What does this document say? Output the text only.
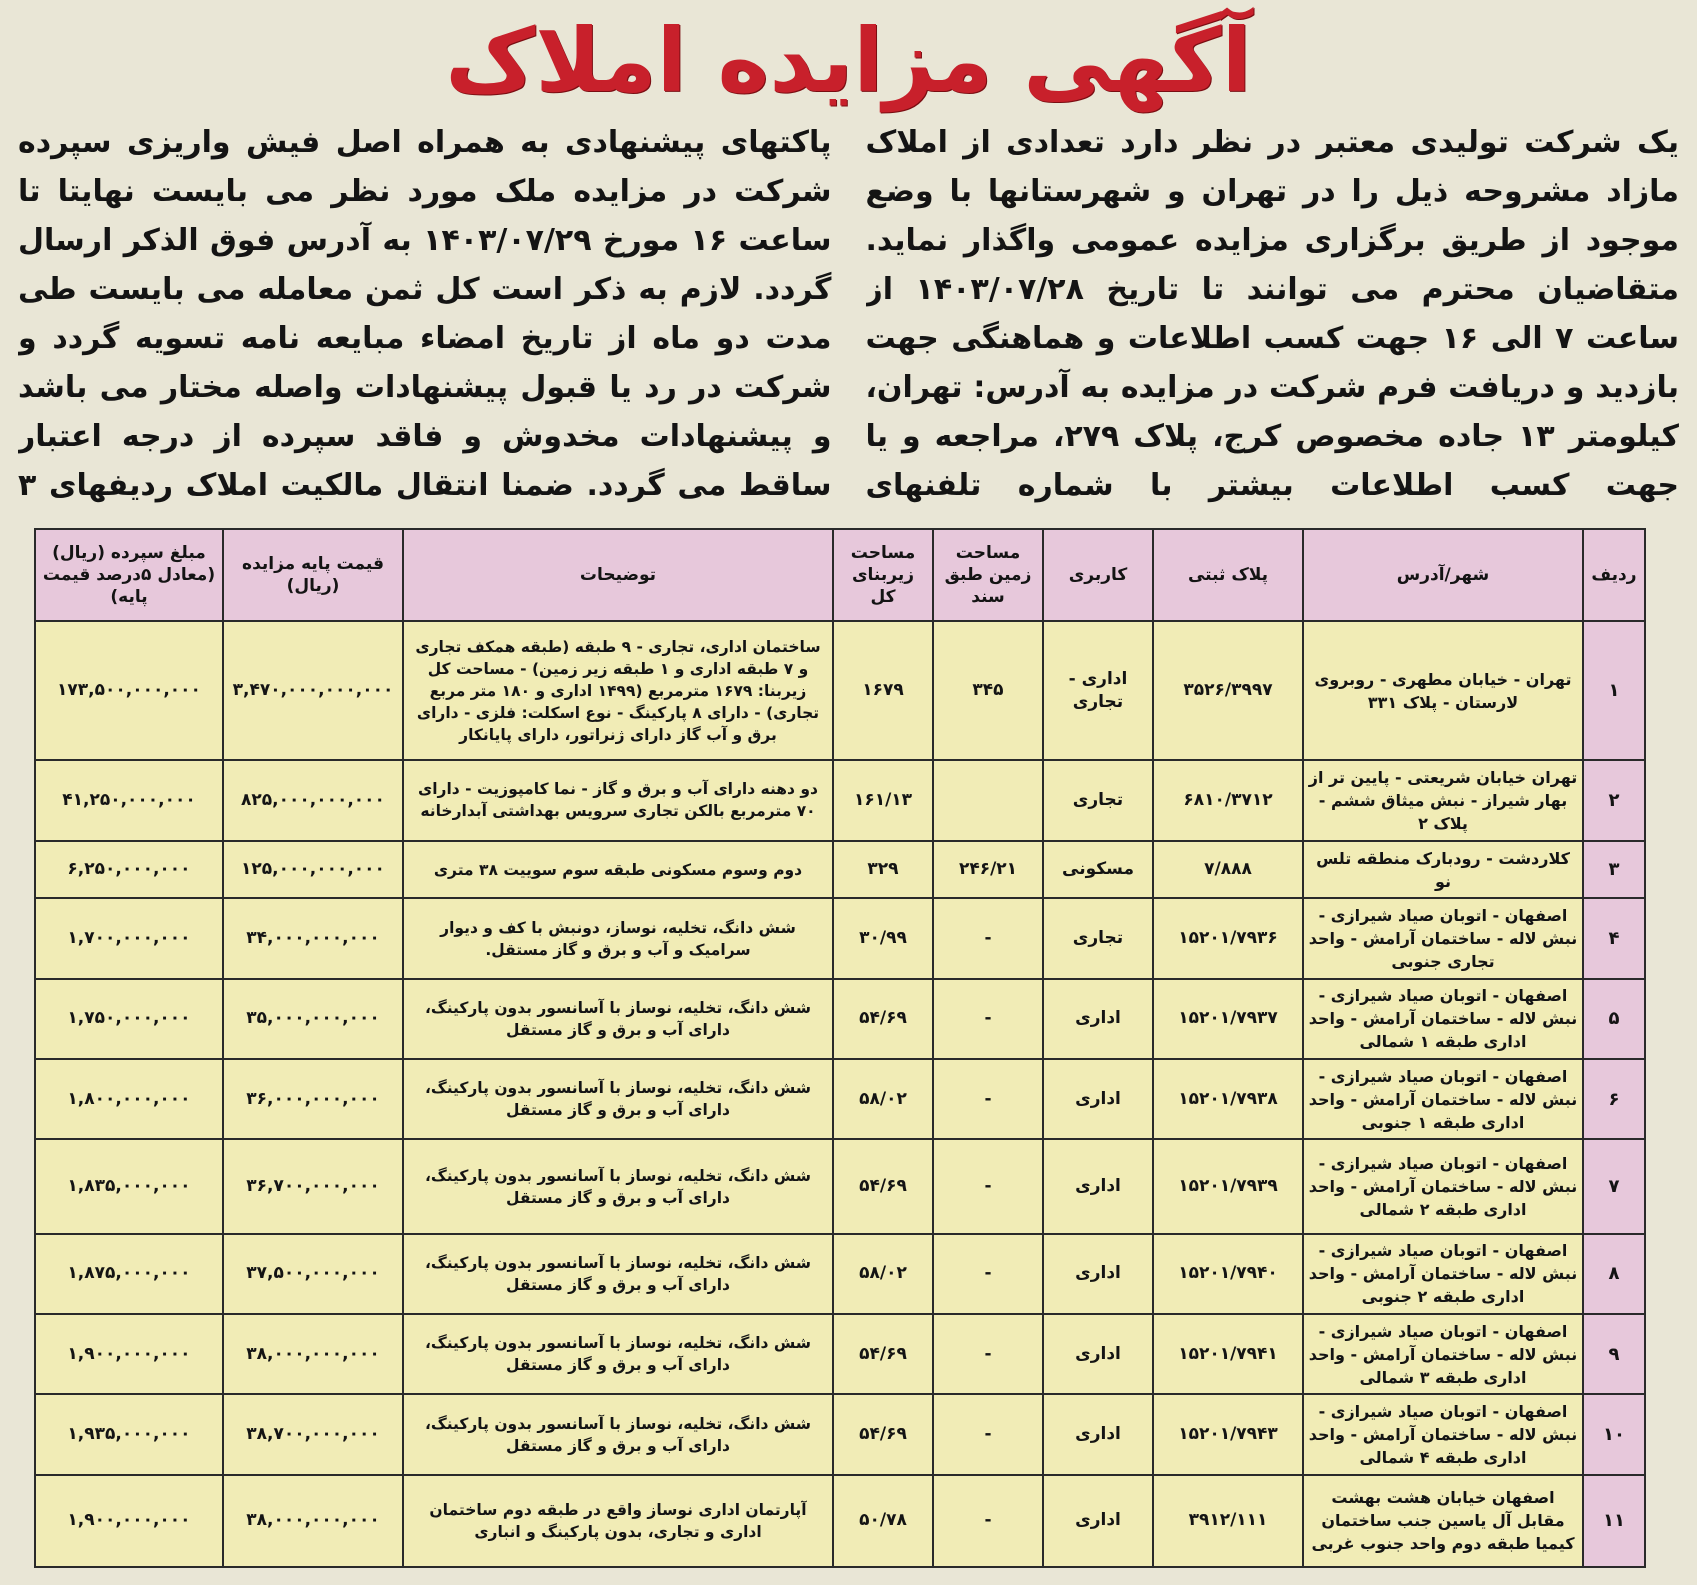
آگهی مزایده املاک
یک شرکت تولیدی معتبر در نظر دارد تعدادی از املاک مازاد مشروحه ذیل را در تهران و شهرستانها با وضع موجود از طریق برگزاری مزایده عمومی واگذار نماید. متقاضیان محترم می توانند تا تاریخ ۱۴۰۳/۰۷/۲۸ از ساعت ۷ الی ۱۶ جهت کسب اطلاعات و هماهنگی جهت بازدید و دریافت فرم شرکت در مزایده به آدرس: تهران، کیلومتر ۱۳ جاده مخصوص کرج، پلاک ۲۷۹، مراجعه و یا جهت کسب اطلاعات بیشتر با شماره تلفنهای
پاکتهای پیشنهادی به همراه اصل فیش واریزی سپرده شرکت در مزایده ملک مورد نظر می بایست نهایتا تا ساعت ۱۶ مورخ ۱۴۰۳/۰۷/۲۹ به آدرس فوق الذکر ارسال گردد. لازم به ذکر است کل ثمن معامله می بایست طی مدت دو ماه از تاریخ امضاء مبایعه نامه تسویه گردد و شرکت در رد یا قبول پیشنهادات واصله مختار می باشد و پیشنهادات مخدوش و فاقد سپرده از درجه اعتبار ساقط می گردد. ضمنا انتقال مالکیت املاک ردیفهای ۳
ردیف	شهر/آدرس	پلاک ثبتی	کاربری	مساحت زمین طبق سند	مساحت زیربنای کل	توضیحات	قیمت پایه مزایده (ریال)	مبلغ سپرده (ریال) (معادل ۵درصد قیمت پایه)
۱	تهران - خیابان مطهری - روبروی لارستان - پلاک ۳۳۱	۳۵۲۶/۳۹۹۷	اداری - تجاری	۳۴۵	۱۶۷۹	ساختمان اداری، تجاری - ۹ طبقه (طبقه همکف تجاری و ۷ طبقه اداری و ۱ طبقه زیر زمین) - مساحت کل زیربنا: ۱۶۷۹ مترمربع (۱۴۹۹ اداری و ۱۸۰ متر مربع تجاری) - دارای ۸ پارکینگ - نوع اسکلت: فلزی - دارای برق و آب گاز دارای ژنراتور، دارای پایانکار	۳,۴۷۰,۰۰۰,۰۰۰,۰۰۰	۱۷۳,۵۰۰,۰۰۰,۰۰۰
۲	تهران خیابان شریعتی - پایین تر از بهار شیراز - نبش میثاق ششم - پلاک ۲	۶۸۱۰/۳۷۱۲	تجاری		۱۶۱/۱۳	دو دهنه دارای آب و برق و گاز - نما کامپوزیت - دارای ۷۰ مترمربع بالکن تجاری سرویس بهداشتی آبدارخانه	۸۲۵,۰۰۰,۰۰۰,۰۰۰	۴۱,۲۵۰,۰۰۰,۰۰۰
۳	کلاردشت - رودبارک منطقه تلس نو	۷/۸۸۸	مسکونی	۲۴۶/۲۱	۳۲۹	دوم وسوم مسکونی طبقه سوم سوییت ۳۸ متری	۱۲۵,۰۰۰,۰۰۰,۰۰۰	۶,۲۵۰,۰۰۰,۰۰۰
۴	اصفهان - اتوبان صیاد شیرازی - نبش لاله - ساختمان آرامش - واحد تجاری جنوبی	۱۵۲۰۱/۷۹۳۶	تجاری	-	۳۰/۹۹	شش دانگ، تخلیه، نوساز، دونبش با کف و دیوار سرامیک و آب و برق و گاز مستقل.	۳۴,۰۰۰,۰۰۰,۰۰۰	۱,۷۰۰,۰۰۰,۰۰۰
۵	اصفهان - اتوبان صیاد شیرازی - نبش لاله - ساختمان آرامش - واحد اداری طبقه ۱ شمالی	۱۵۲۰۱/۷۹۳۷	اداری	-	۵۴/۶۹	شش دانگ، تخلیه، نوساز با آسانسور بدون پارکینگ، دارای آب و برق و گاز مستقل	۳۵,۰۰۰,۰۰۰,۰۰۰	۱,۷۵۰,۰۰۰,۰۰۰
۶	اصفهان - اتوبان صیاد شیرازی - نبش لاله - ساختمان آرامش - واحد اداری طبقه ۱ جنوبی	۱۵۲۰۱/۷۹۳۸	اداری	-	۵۸/۰۲	شش دانگ، تخلیه، نوساز با آسانسور بدون پارکینگ، دارای آب و برق و گاز مستقل	۳۶,۰۰۰,۰۰۰,۰۰۰	۱,۸۰۰,۰۰۰,۰۰۰
۷	اصفهان - اتوبان صیاد شیرازی - نبش لاله - ساختمان آرامش - واحد اداری طبقه ۲ شمالی	۱۵۲۰۱/۷۹۳۹	اداری	-	۵۴/۶۹	شش دانگ، تخلیه، نوساز با آسانسور بدون پارکینگ، دارای آب و برق و گاز مستقل	۳۶,۷۰۰,۰۰۰,۰۰۰	۱,۸۳۵,۰۰۰,۰۰۰
۸	اصفهان - اتوبان صیاد شیرازی - نبش لاله - ساختمان آرامش - واحد اداری طبقه ۲ جنوبی	۱۵۲۰۱/۷۹۴۰	اداری	-	۵۸/۰۲	شش دانگ، تخلیه، نوساز با آسانسور بدون پارکینگ، دارای آب و برق و گاز مستقل	۳۷,۵۰۰,۰۰۰,۰۰۰	۱,۸۷۵,۰۰۰,۰۰۰
۹	اصفهان - اتوبان صیاد شیرازی - نبش لاله - ساختمان آرامش - واحد اداری طبقه ۳ شمالی	۱۵۲۰۱/۷۹۴۱	اداری	-	۵۴/۶۹	شش دانگ، تخلیه، نوساز با آسانسور بدون پارکینگ، دارای آب و برق و گاز مستقل	۳۸,۰۰۰,۰۰۰,۰۰۰	۱,۹۰۰,۰۰۰,۰۰۰
۱۰	اصفهان - اتوبان صیاد شیرازی - نبش لاله - ساختمان آرامش - واحد اداری طبقه ۴ شمالی	۱۵۲۰۱/۷۹۴۳	اداری	-	۵۴/۶۹	شش دانگ، تخلیه، نوساز با آسانسور بدون پارکینگ، دارای آب و برق و گاز مستقل	۳۸,۷۰۰,۰۰۰,۰۰۰	۱,۹۳۵,۰۰۰,۰۰۰
۱۱	اصفهان خیابان هشت بهشت مقابل آل یاسین جنب ساختمان کیمیا طبقه دوم واحد جنوب غربی	۳۹۱۲/۱۱۱	اداری	-	۵۰/۷۸	آپارتمان اداری نوساز واقع در طبقه دوم ساختمان اداری و تجاری، بدون پارکینگ و انباری	۳۸,۰۰۰,۰۰۰,۰۰۰	۱,۹۰۰,۰۰۰,۰۰۰
